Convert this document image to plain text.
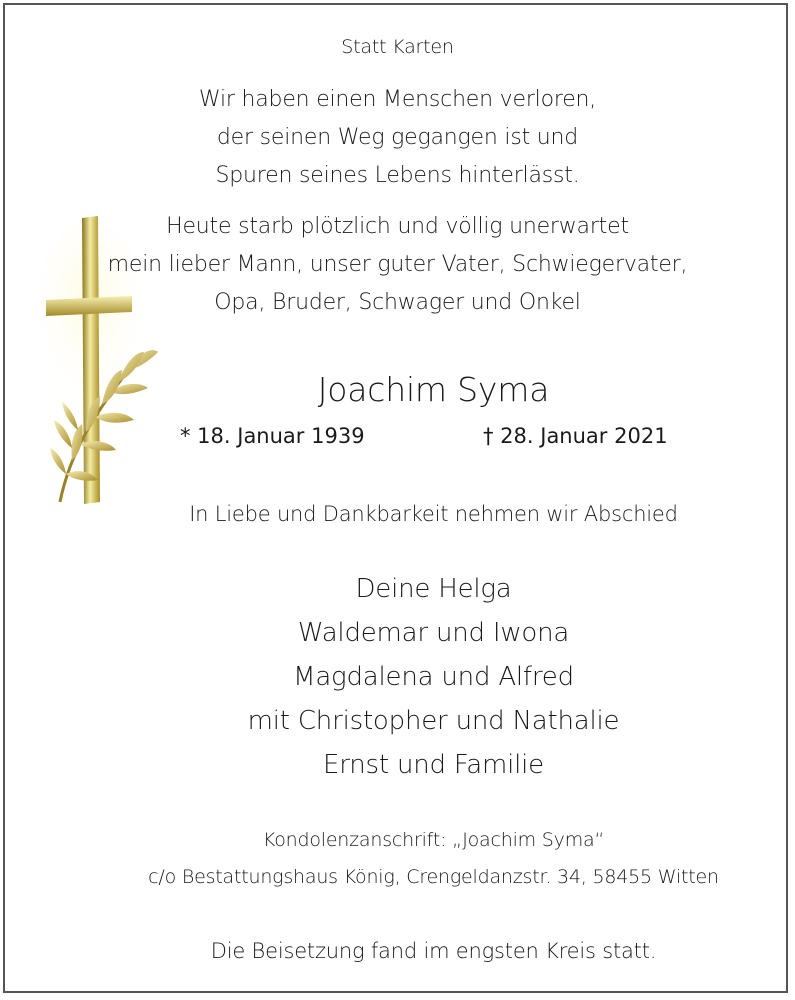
Statt Karten
Wir haben einen Menschen verloren,
der seinen Weg gegangen ist und
Spuren seines Lebens hinterlässt.
Heute starb plötzlich und völlig unerwartet
mein lieber Mann, unser guter Vater, Schwiegervater,
Opa, Bruder, Schwager und Onkel
Joachim Syma
* 18. Januar 1939	† 28. Januar 2021
In Liebe und Dankbarkeit nehmen wir Abschied
Deine Helga
Waldemar und Iwona
Magdalena und Alfred
mit Christopher und Nathalie
Ernst und Familie
Kondolenzanschrift: „Joachim Syma“
c/o Bestattungshaus König, Crengeldanzstr. 34, 58455 Witten
Die Beisetzung fand im engsten Kreis statt.
